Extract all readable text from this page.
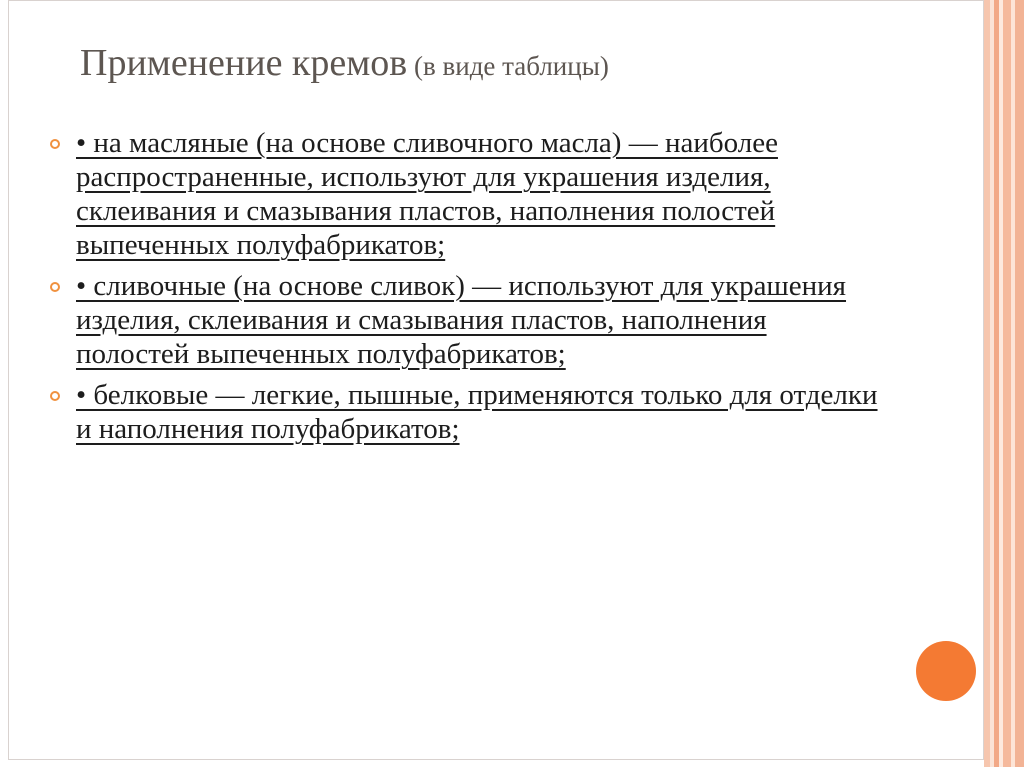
Применение кремов (в виде таблицы)
• на масляные (на основе сливочного масла) — наиболее распространенные, используют для украшения изделия, склеивания и смазывания пластов, наполнения полостей выпеченных полуфабрикатов;
• сливочные (на основе сливок) — используют для украшения изделия, склеивания и смазывания пластов, наполнения полостей выпеченных полуфабрикатов;
• белковые — легкие, пышные, применяются только для отделки и наполнения полуфабрикатов;
